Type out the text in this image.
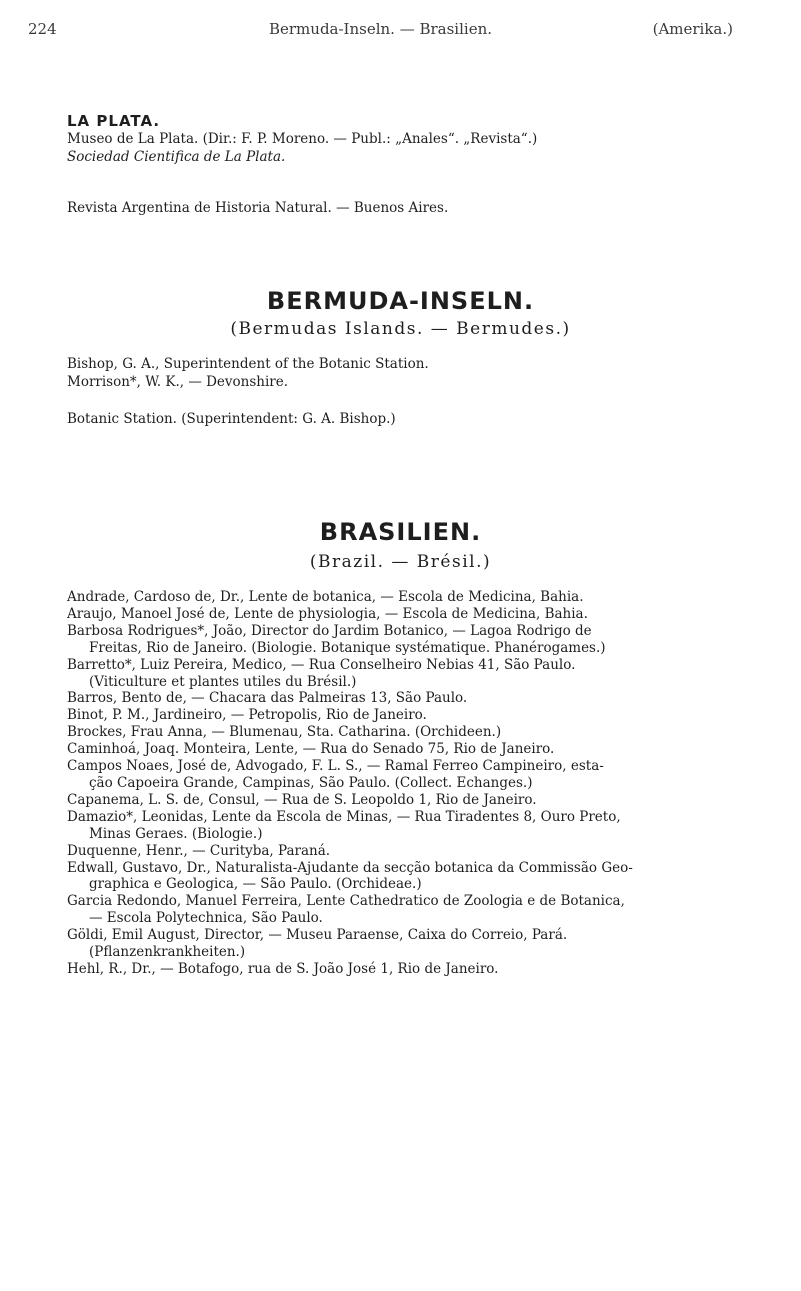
224	Bermuda-Inseln. — Brasilien.	(Amerika.)
LA PLATA.
Museo de La Plata. (Dir.: F. P. Moreno. — Publ.: „Anales“. „Revista“.)
Sociedad Cientifica de La Plata.
Revista Argentina de Historia Natural. — Buenos Aires.
BERMUDA-INSELN.
(Bermudas Islands. — Bermudes.)
Bishop, G. A., Superintendent of the Botanic Station.
Morrison*, W. K., — Devonshire.
Botanic Station. (Superintendent: G. A. Bishop.)
BRASILIEN.
(Brazil. — Brésil.)
Andrade, Cardoso de, Dr., Lente de botanica, — Escola de Medicina, Bahia.
Araujo, Manoel José de, Lente de physiologia, — Escola de Medicina, Bahia.
Barbosa Rodrigues*, João, Director do Jardim Botanico, — Lagoa Rodrigo de
Freitas, Rio de Janeiro. (Biologie. Botanique systématique. Phanérogames.)
Barretto*, Luiz Pereira, Medico, — Rua Conselheiro Nebias 41, São Paulo.
(Viticulture et plantes utiles du Brésil.)
Barros, Bento de, — Chacara das Palmeiras 13, São Paulo.
Binot, P. M., Jardineiro, — Petropolis, Rio de Janeiro.
Brockes, Frau Anna, — Blumenau, Sta. Catharina. (Orchideen.)
Caminhoá, Joaq. Monteira, Lente, — Rua do Senado 75, Rio de Janeiro.
Campos Noaes, José de, Advogado, F. L. S., — Ramal Ferreo Campineiro, esta-
ção Capoeira Grande, Campinas, São Paulo. (Collect. Echanges.)
Capanema, L. S. de, Consul, — Rua de S. Leopoldo 1, Rio de Janeiro.
Damazio*, Leonidas, Lente da Escola de Minas, — Rua Tiradentes 8, Ouro Preto,
Minas Geraes. (Biologie.)
Duquenne, Henr., — Curityba, Paraná.
Edwall, Gustavo, Dr., Naturalista-Ajudante da secção botanica da Commissão Geo-
graphica e Geologica, — São Paulo. (Orchideae.)
Garcia Redondo, Manuel Ferreira, Lente Cathedratico de Zoologia e de Botanica,
— Escola Polytechnica, São Paulo.
Göldi, Emil August, Director, — Museu Paraense, Caixa do Correio, Pará.
(Pflanzenkrankheiten.)
Hehl, R., Dr., — Botafogo, rua de S. João José 1, Rio de Janeiro.
